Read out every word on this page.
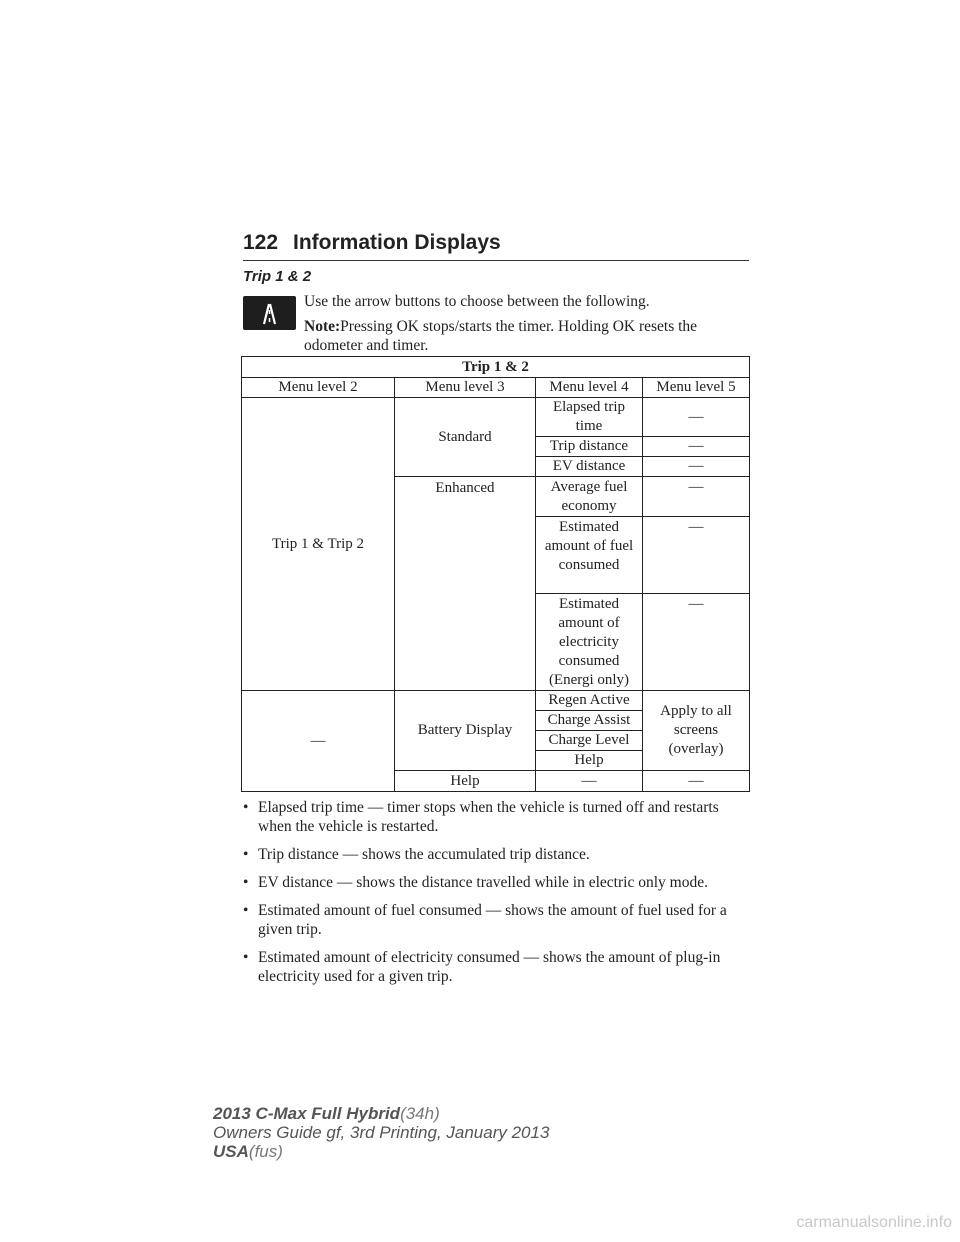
122 Information Displays
Trip 1 & 2

Use the arrow buttons to choose between the following.

Note:Pressing OK stops/starts the timer. Holding OK resets the odometer and timer.

Trip 1 & 2			
Menu level 2	Menu level 3	Menu level 4	Menu level 5
Trip 1 & Trip 2	Standard	Elapsed trip time	—
		Trip distance	—
		EV distance	—
	Enhanced	Average fuel economy	—
		Estimated amount of fuel consumed	—
		Estimated amount of electricity consumed (Energi only)	—
—	Battery Display	Regen Active	Apply to all screens (overlay)
		Charge Assist	
		Charge Level	
		Help	
	Help	—	—
• Elapsed trip time — timer stops when the vehicle is turned off and restarts when the vehicle is restarted.
• Trip distance — shows the accumulated trip distance.
• EV distance — shows the distance travelled while in electric only mode.
• Estimated amount of fuel consumed — shows the amount of fuel used for a given trip.
• Estimated amount of electricity consumed — shows the amount of plug-in electricity used for a given trip.
2013 C-Max Full Hybrid(34h)
Owners Guide gf, 3rd Printing, January 2013
USA(fus)
carmanualsonline.info
